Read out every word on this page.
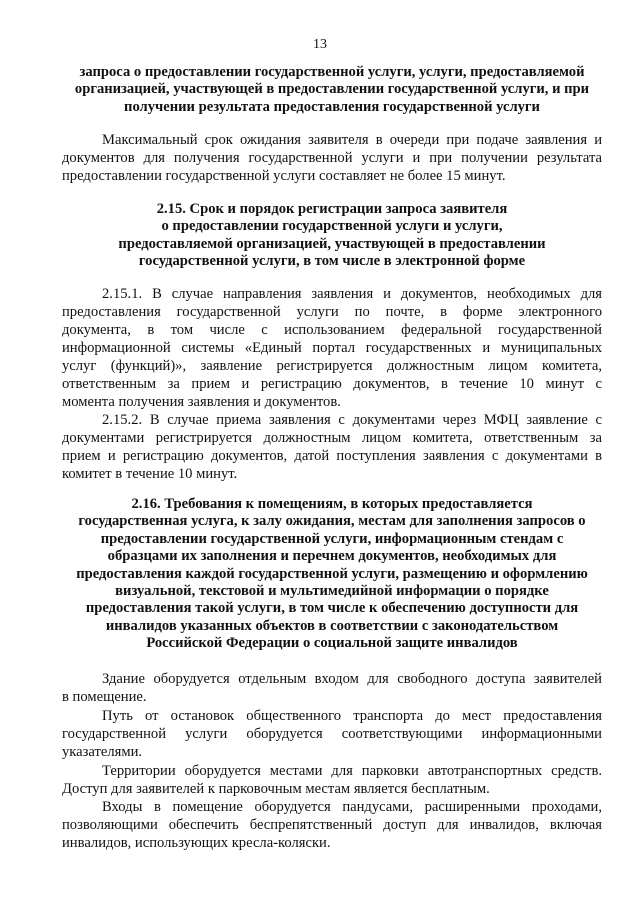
13
запроса о предоставлении государственной услуги, услуги, предоставляемой
организацией, участвующей в предоставлении государственной услуги, и при
получении результата предоставления государственной услуги
Максимальный срок ожидания заявителя в очереди при подаче заявления и
документов для получения государственной услуги и при получении результата
предоставлении государственной услуги составляет не более 15 минут.
2.15. Срок и порядок регистрации запроса заявителя
о предоставлении государственной услуги и услуги,
предоставляемой организацией, участвующей в предоставлении
государственной услуги, в том числе в электронной форме
2.15.1. В случае направления заявления и документов, необходимых для
предоставления государственной услуги по почте, в форме электронного
документа, в том числе с использованием федеральной государственной
информационной системы «Единый портал государственных и муниципальных
услуг (функций)», заявление регистрируется должностным лицом комитета,
ответственным за прием и регистрацию документов, в течение 10 минут с
момента получения заявления и документов.
2.15.2. В случае приема заявления с документами через МФЦ заявление с
документами регистрируется должностным лицом комитета, ответственным за
прием и регистрацию документов, датой поступления заявления с документами в
комитет в течение 10 минут.
2.16. Требования к помещениям, в которых предоставляется
государственная услуга, к залу ожидания, местам для заполнения запросов о
предоставлении государственной услуги, информационным стендам с
образцами их заполнения и перечнем документов, необходимых для
предоставления каждой государственной услуги, размещению и оформлению
визуальной, текстовой и мультимедийной информации о порядке
предоставления такой услуги, в том числе к обеспечению доступности для
инвалидов указанных объектов в соответствии с законодательством
Российской Федерации о социальной защите инвалидов
Здание оборудуется отдельным входом для свободного доступа заявителей
в помещение.
Путь от остановок общественного транспорта до мест предоставления
государственной услуги оборудуется соответствующими информационными
указателями.
Территории оборудуется местами для парковки автотранспортных средств.
Доступ для заявителей к парковочным местам является бесплатным.
Входы в помещение оборудуется пандусами, расширенными проходами,
позволяющими обеспечить беспрепятственный доступ для инвалидов, включая
инвалидов, использующих кресла-коляски.
